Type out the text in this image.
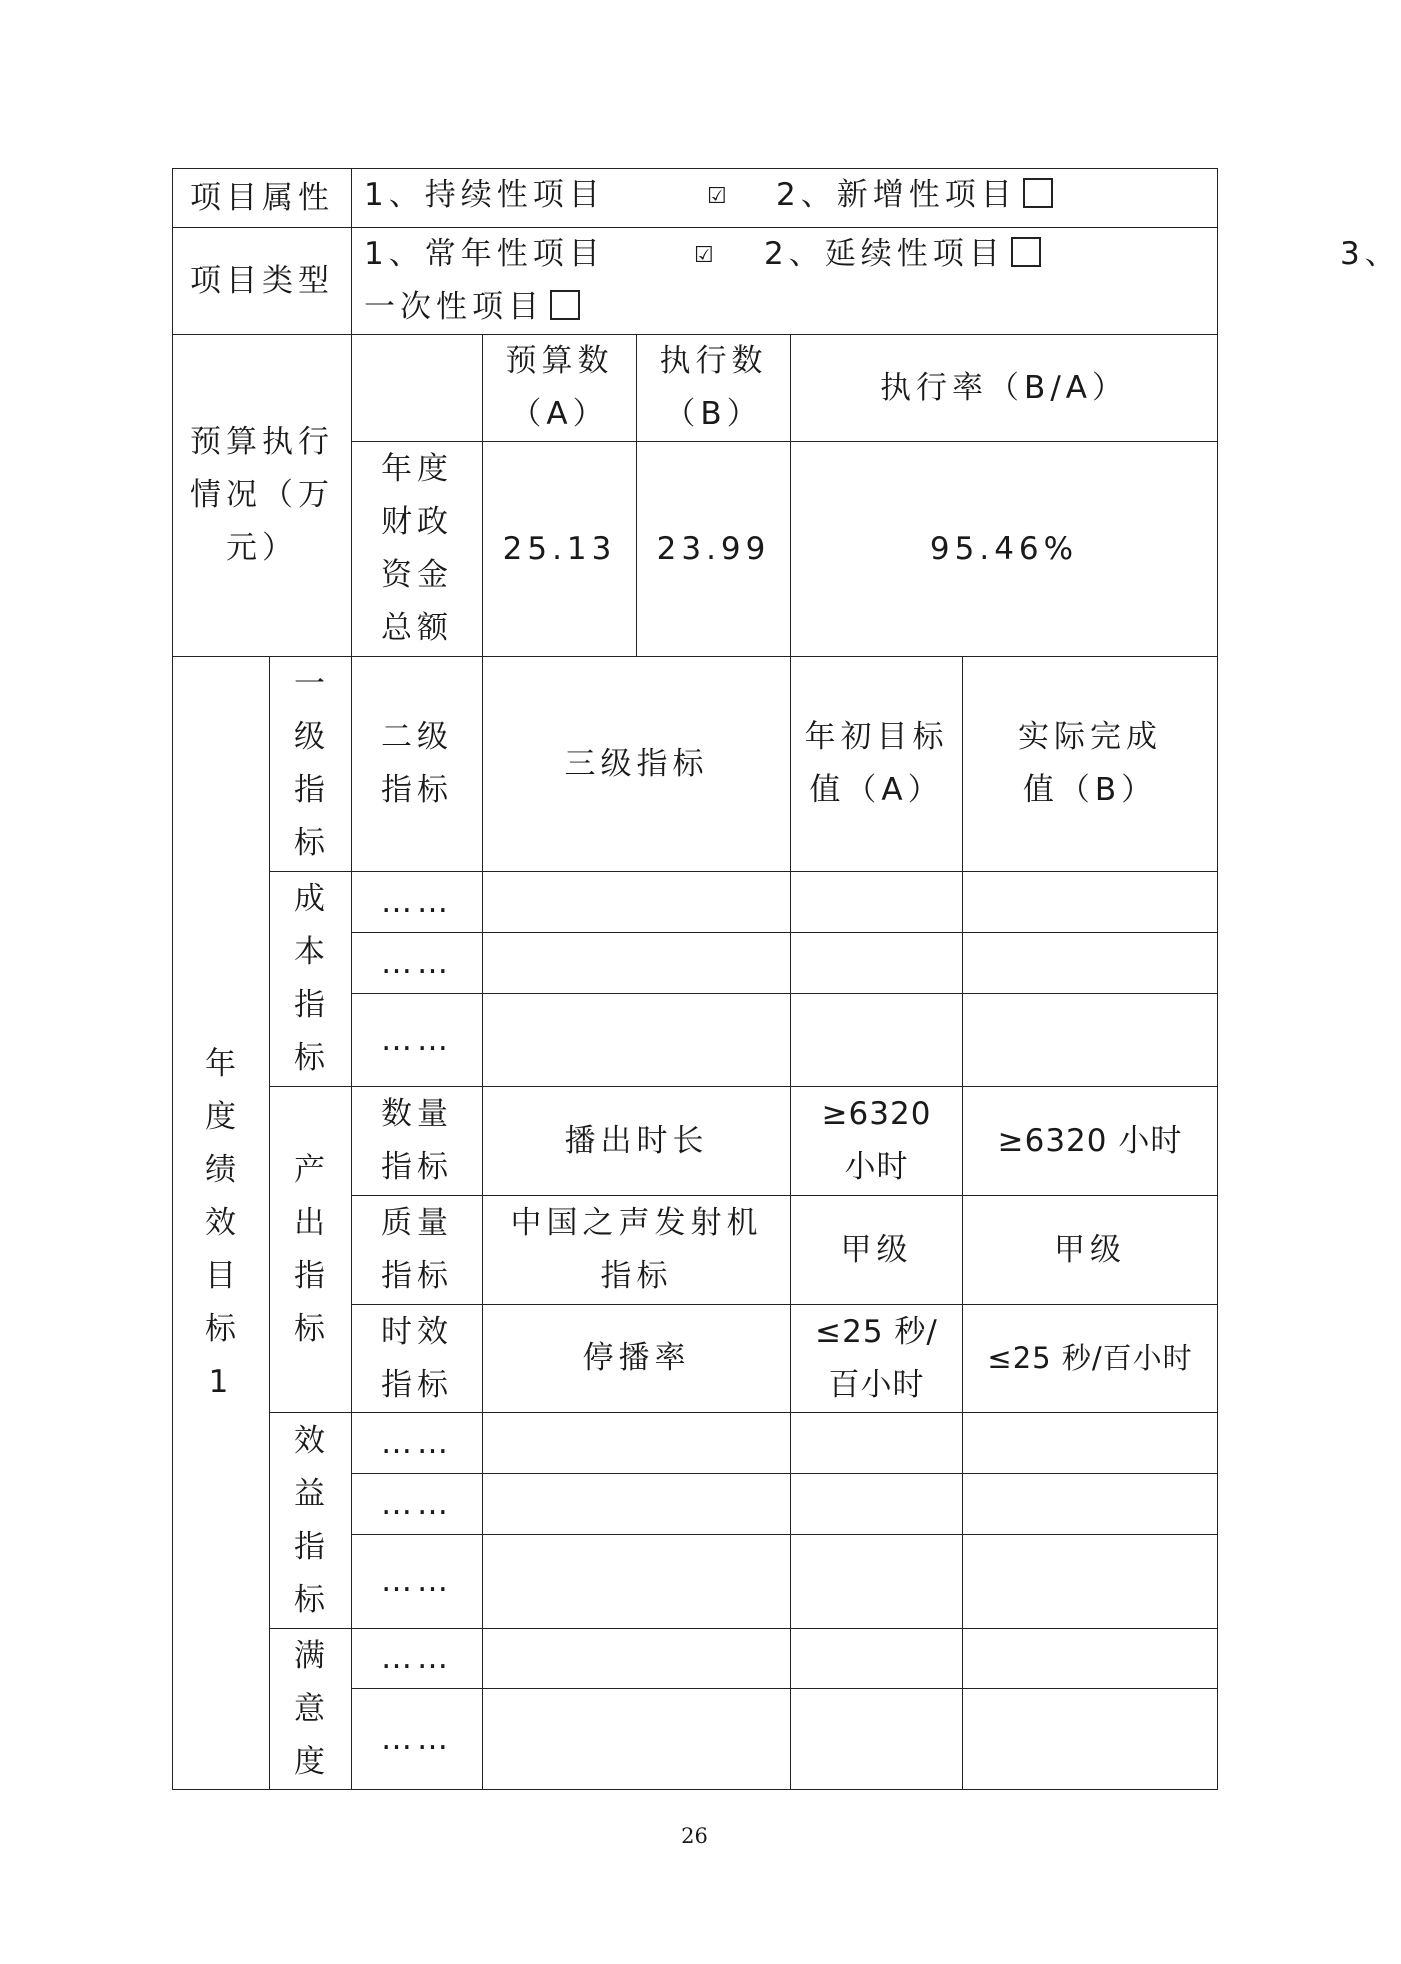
项目属性		1、持续性项目 ☑ 2、新增性项目				

项目类型		1、常年性项目 ☑ 2、延续性项目 3、
一次性项目				

预算执行情况（万元）			预算数（A）	执行数（B）	执行率（B/A）	
		年度财政资金总额	25.13	23.99	95.46%	
年度绩效目标1	一级指标	二级指标	三级指标		年初目标值（A）	实际完成值（B）
	成本指标	……				
		……				
		……				
	产出指标	数量指标	播出时长		≥6320小时	≥6320 小时
		质量指标	中国之声发射机指标		甲级	甲级
		时效指标	停播率		≤25 秒/百小时	≤25 秒/百小时
	效益指标	……				
		……				
		……				
	满意度	……				
		……				
26
